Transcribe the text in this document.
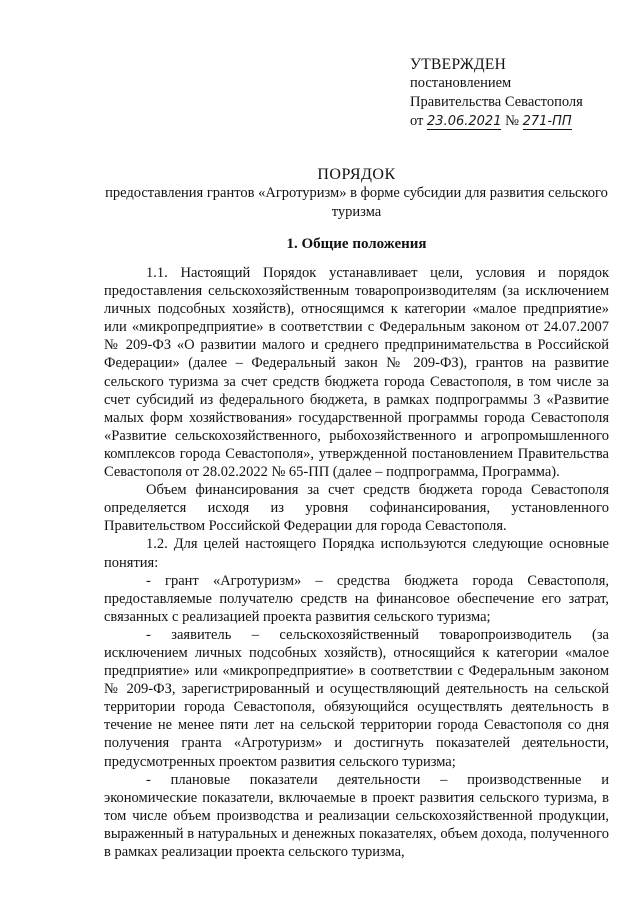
УТВЕРЖДЕН
постановлением
Правительства Севастополя
от 23.06.2021 № 271-ПП
ПОРЯДОК
предоставления грантов «Агротуризм» в форме субсидии для развития сельского туризма
1. Общие положения

1.1. Настоящий Порядок устанавливает цели, условия и порядок предоставления сельскохозяйственным товаропроизводителям (за исключением личных подсобных хозяйств), относящимся к категории «малое предприятие» или «микропредприятие» в соответствии с Федеральным законом от 24.07.2007 № 209-ФЗ «О развитии малого и среднего предпринимательства в Российской Федерации» (далее – Федеральный закон № 209-ФЗ), грантов на развитие сельского туризма за счет средств бюджета города Севастополя, в том числе за счет субсидий из федерального бюджета, в рамках подпрограммы 3 «Развитие малых форм хозяйствования» государственной программы города Севастополя «Развитие сельскохозяйственного, рыбохозяйственного и агропромышленного комплексов города Севастополя», утвержденной постановлением Правительства Севастополя от 28.02.2022 № 65-ПП (далее – подпрограмма, Программа).

Объем финансирования за счет средств бюджета города Севастополя определяется исходя из уровня софинансирования, установленного Правительством Российской Федерации для города Севастополя.

1.2. Для целей настоящего Порядка используются следующие основные понятия:

- грант «Агротуризм» – средства бюджета города Севастополя, предоставляемые получателю средств на финансовое обеспечение его затрат, связанных с реализацией проекта развития сельского туризма;

- заявитель – сельскохозяйственный товаропроизводитель (за исключением личных подсобных хозяйств), относящийся к категории «малое предприятие» или «микропредприятие» в соответствии с Федеральным законом № 209-ФЗ, зарегистрированный и осуществляющий деятельность на сельской территории города Севастополя, обязующийся осуществлять деятельность в течение не менее пяти лет на сельской территории города Севастополя со дня получения гранта «Агротуризм» и достигнуть показателей деятельности, предусмотренных проектом развития сельского туризма;

- плановые показатели деятельности – производственные и экономические показатели, включаемые в проект развития сельского туризма, в том числе объем производства и реализации сельскохозяйственной продукции, выраженный в натуральных и денежных показателях, объем дохода, полученного в рамках реализации проекта сельского туризма,
